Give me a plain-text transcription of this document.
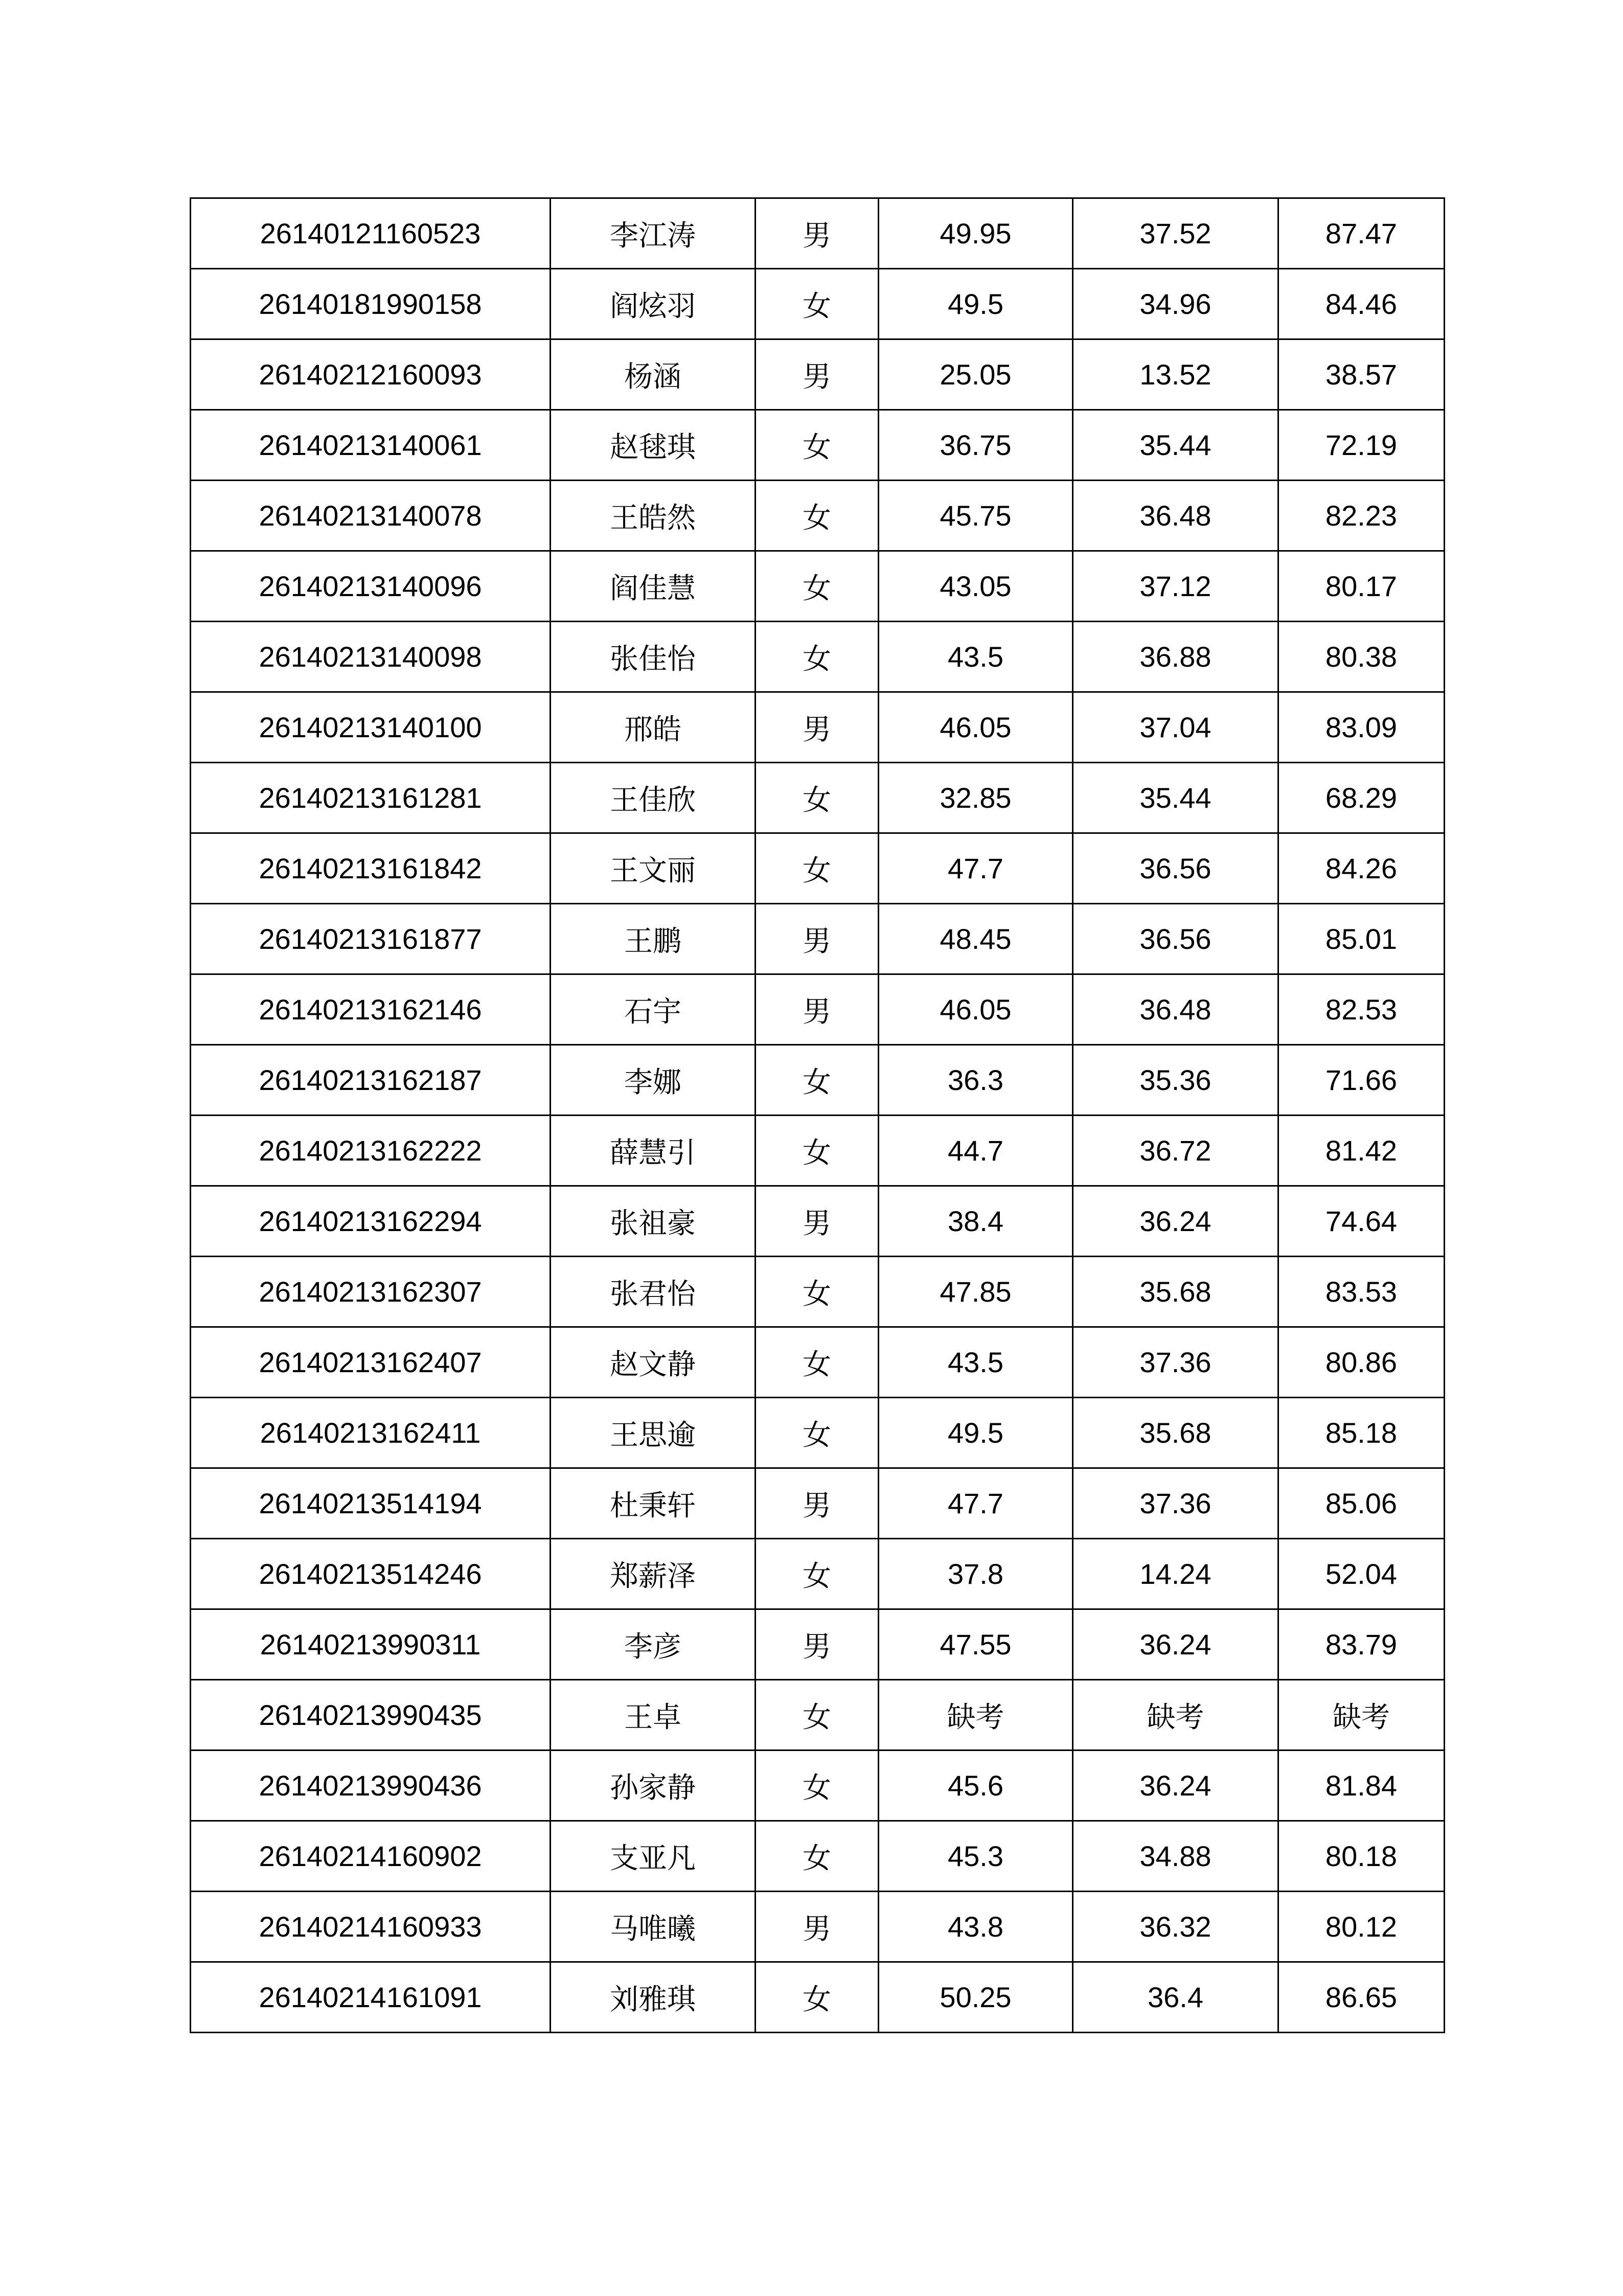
26140121160523	李江涛	男	49.95	37.52	87.47
26140181990158	阎炫羽	女	49.5	34.96	84.46
26140212160093	杨涵	男	25.05	13.52	38.57
26140213140061	赵毬琪	女	36.75	35.44	72.19
26140213140078	王皓然	女	45.75	36.48	82.23
26140213140096	阎佳慧	女	43.05	37.12	80.17
26140213140098	张佳怡	女	43.5	36.88	80.38
26140213140100	邢皓	男	46.05	37.04	83.09
26140213161281	王佳欣	女	32.85	35.44	68.29
26140213161842	王文丽	女	47.7	36.56	84.26
26140213161877	王鹏	男	48.45	36.56	85.01
26140213162146	石宇	男	46.05	36.48	82.53
26140213162187	李娜	女	36.3	35.36	71.66
26140213162222	薛慧引	女	44.7	36.72	81.42
26140213162294	张祖豪	男	38.4	36.24	74.64
26140213162307	张君怡	女	47.85	35.68	83.53
26140213162407	赵文静	女	43.5	37.36	80.86
26140213162411	王思逾	女	49.5	35.68	85.18
26140213514194	杜秉轩	男	47.7	37.36	85.06
26140213514246	郑薪泽	女	37.8	14.24	52.04
26140213990311	李彦	男	47.55	36.24	83.79
26140213990435	王卓	女	缺考	缺考	缺考
26140213990436	孙家静	女	45.6	36.24	81.84
26140214160902	支亚凡	女	45.3	34.88	80.18
26140214160933	马唯曦	男	43.8	36.32	80.12
26140214161091	刘雅琪	女	50.25	36.4	86.65
